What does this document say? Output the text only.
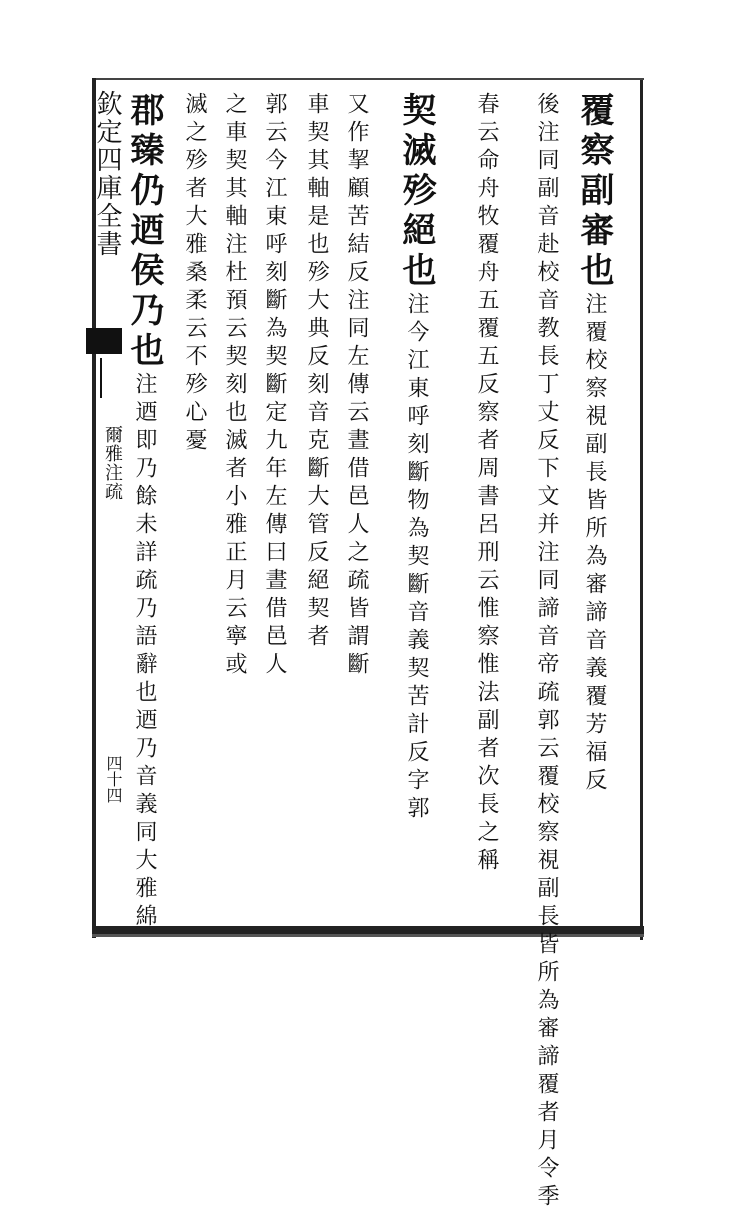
欽定四庫全書
爾雅注疏
四十四
覆察副審也注覆校察視副長皆所為審諦音義覆芳福反
後注同副音赴校音教長丁丈反下文并注同諦音帝疏郭云覆校察視副長皆所為審諦覆者月令季
春云命舟牧覆舟五覆五反察者周書呂刑云惟察惟法副者次長之稱
契滅殄絕也注今江東呼刻斷物為契斷音義契苦計反字郭
又作挈顧苦結反注同左傳云晝借邑人之疏皆謂斷
車契其軸是也殄大典反刻音克斷大管反絕契者
郭云今江東呼刻斷為契斷定九年左傳曰晝借邑人
之車契其軸注杜預云契刻也滅者小雅正月云寧或
滅之殄者大雅桑柔云不殄心憂
郡臻仍迺侯乃也注迺即乃餘未詳疏乃語辭也迺乃音義同大雅綿
